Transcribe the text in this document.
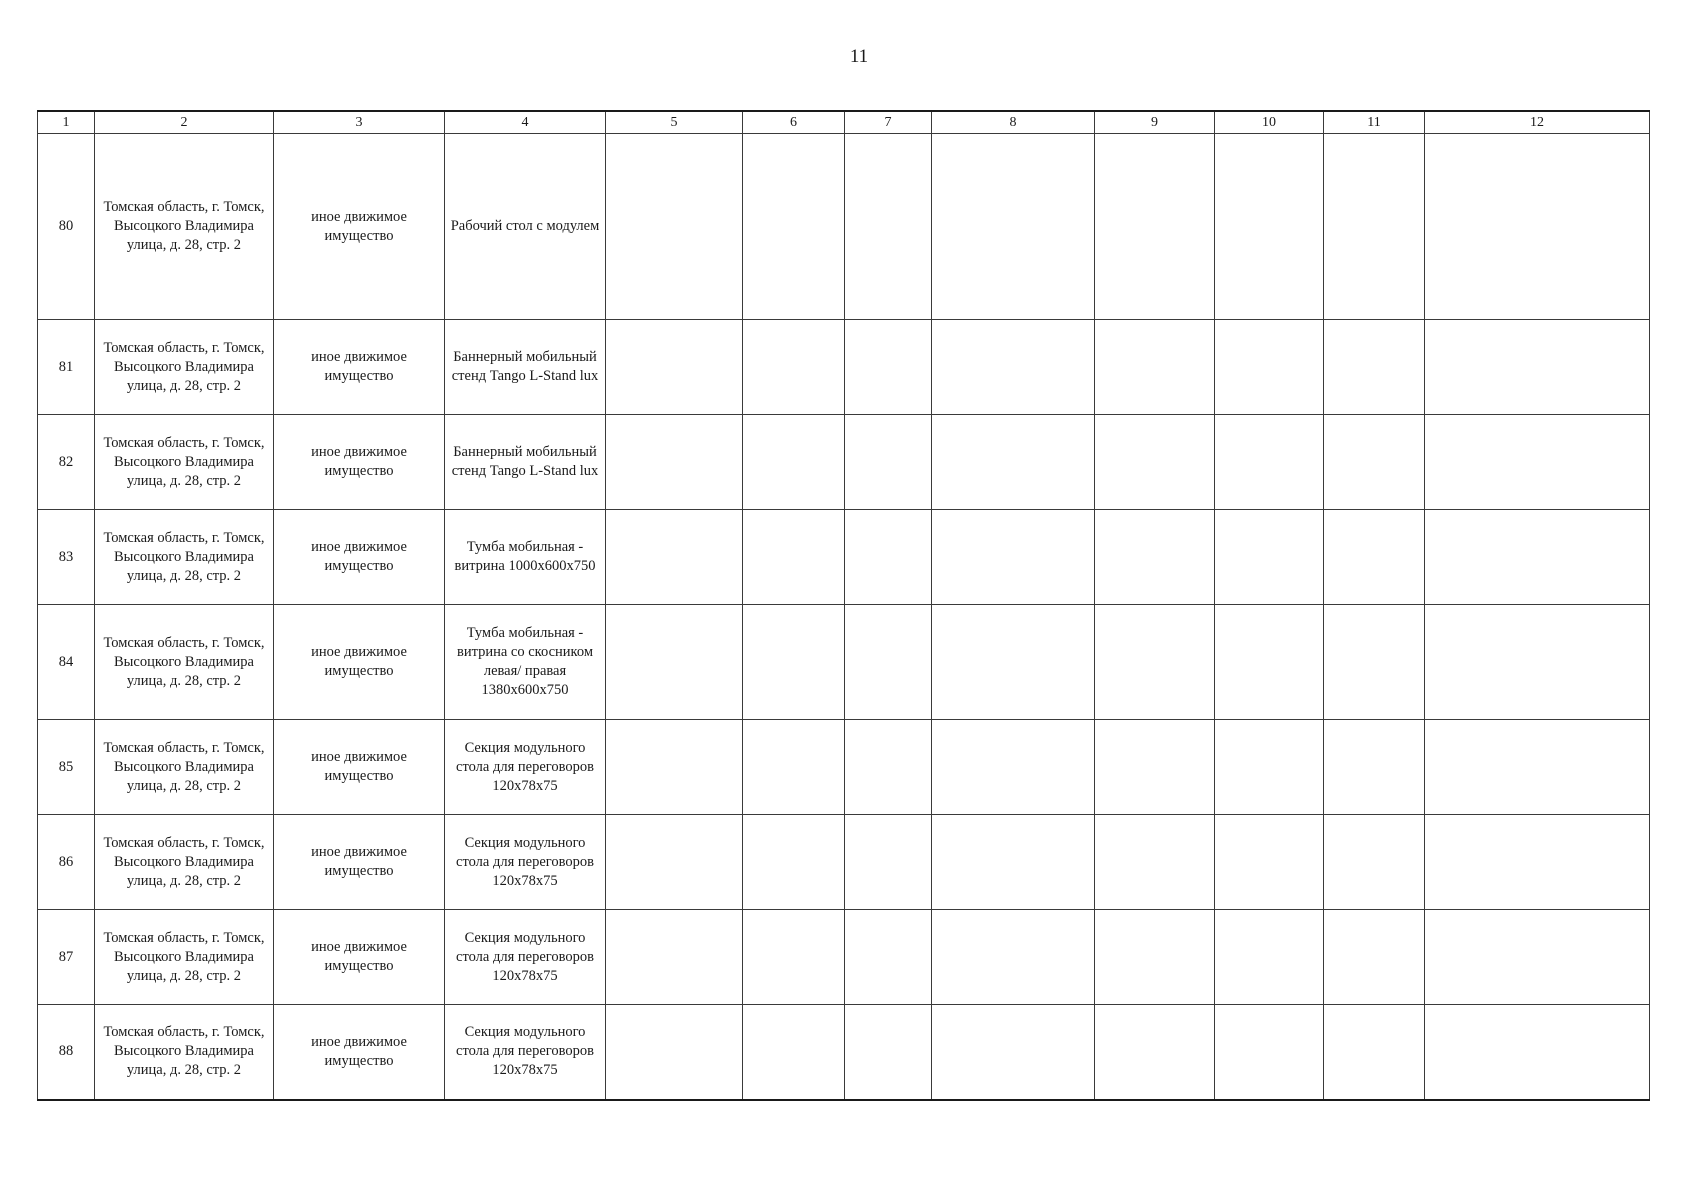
11
1	2	3	4	5	6	7	8	9	10	11	12
80	Томская область, г. Томск, Высоцкого Владимира улица, д. 28, стр. 2	иное движимое имущество	Рабочий стол с модулем								
81	Томская область, г. Томск, Высоцкого Владимира улица, д. 28, стр. 2	иное движимое имущество	Баннерный мобильный стенд Tango L-Stand lux								
82	Томская область, г. Томск, Высоцкого Владимира улица, д. 28, стр. 2	иное движимое имущество	Баннерный мобильный стенд Tango L-Stand lux								
83	Томская область, г. Томск, Высоцкого Владимира улица, д. 28, стр. 2	иное движимое имущество	Тумба мобильная - витрина 1000х600х750								
84	Томская область, г. Томск, Высоцкого Владимира улица, д. 28, стр. 2	иное движимое имущество	Тумба мобильная - витрина со скосником левая/ правая 1380х600х750								
85	Томская область, г. Томск, Высоцкого Владимира улица, д. 28, стр. 2	иное движимое имущество	Секция модульного стола для переговоров 120х78х75								
86	Томская область, г. Томск, Высоцкого Владимира улица, д. 28, стр. 2	иное движимое имущество	Секция модульного стола для переговоров 120х78х75								
87	Томская область, г. Томск, Высоцкого Владимира улица, д. 28, стр. 2	иное движимое имущество	Секция модульного стола для переговоров 120х78х75								
88	Томская область, г. Томск, Высоцкого Владимира улица, д. 28, стр. 2	иное движимое имущество	Секция модульного стола для переговоров 120х78х75								
